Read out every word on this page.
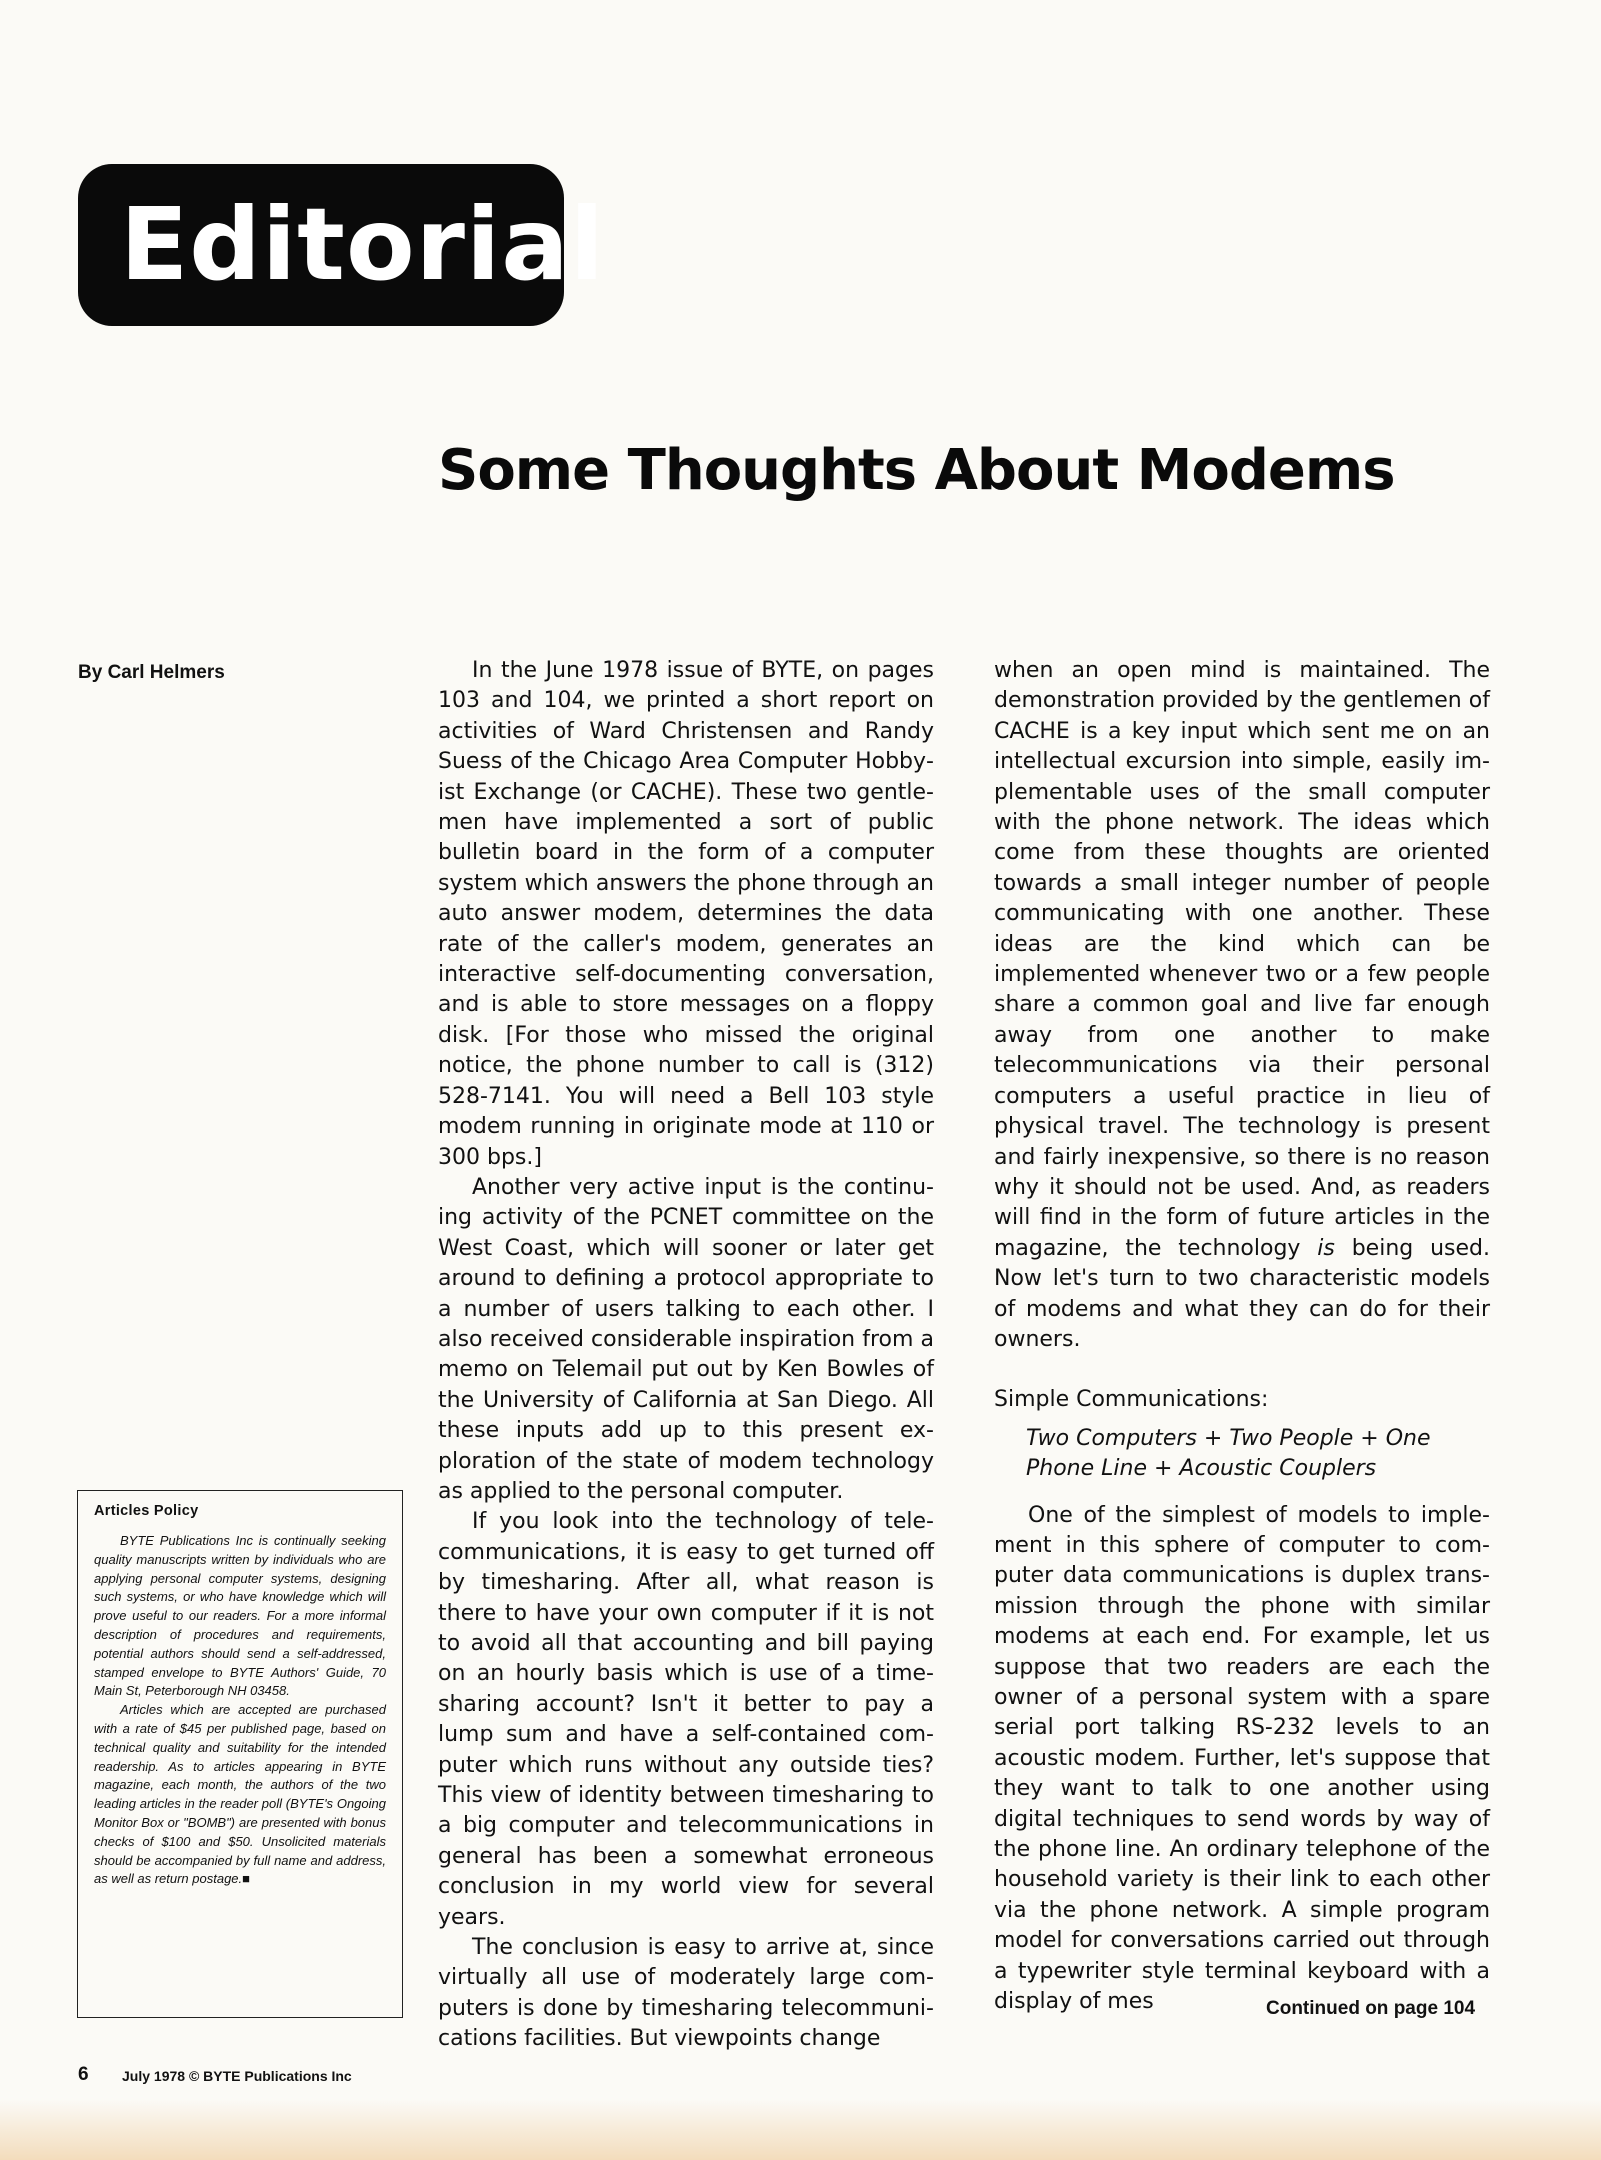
Editorial
Some Thoughts About Modems
By Carl Helmers
Articles Policy

BYTE Publications Inc is continually seeking quality manuscripts written by individuals who are applying personal computer systems, designing such systems, or who have knowledge which will prove useful to our readers. For a more informal description of procedures and requirements, potential authors should send a self-addressed, stamped envelope to BYTE Authors' Guide, 70 Main St, Peterborough NH 03458.

Articles which are accepted are purchased with a rate of $45 per published page, based on technical quality and suitability for the intended readership. As to articles appearing in BYTE magazine, each month, the authors of the two leading articles in the reader poll (BYTE's Ongoing Monitor Box or "BOMB") are presented with bonus checks of $100 and $50. Unsolicited materials should be accompanied by full name and address, as well as return postage.■

In the June 1978 issue of BYTE, on pages 103 and 104, we printed a short report on activities of Ward Christensen and Randy Suess of the Chicago Area Computer Hobbyist Exchange (or CACHE). These two gentlemen have implemented a sort of public bulletin board in the form of a computer system which answers the phone through an auto answer modem, determines the data rate of the caller's modem, generates an interactive self-documenting conversation, and is able to store messages on a floppy disk. [For those who missed the original notice, the phone number to call is (312) 528-7141. You will need a Bell 103 style modem running in originate mode at 110 or 300 bps.]

Another very active input is the continuing activity of the PCNET committee on the West Coast, which will sooner or later get around to defining a protocol appropriate to a number of users talking to each other. I also received considerable inspiration from a memo on Telemail put out by Ken Bowles of the University of California at San Diego. All these inputs add up to this present exploration of the state of modem technology as applied to the personal computer.

If you look into the technology of telecommunications, it is easy to get turned off by timesharing. After all, what reason is there to have your own computer if it is not to avoid all that accounting and bill paying on an hourly basis which is use of a timesharing account? Isn't it better to pay a lump sum and have a self-contained computer which runs without any outside ties? This view of identity between timesharing to a big computer and telecommunications in general has been a somewhat erroneous conclusion in my world view for several years.

The conclusion is easy to arrive at, since virtually all use of moderately large computers is done by timesharing telecommunications facilities. But viewpoints change

when an open mind is maintained. The demonstration provided by the gentlemen of CACHE is a key input which sent me on an intellectual excursion into simple, easily implementable uses of the small computer with the phone network. The ideas which come from these thoughts are oriented towards a small integer number of people communicating with one another. These ideas are the kind which can be implemented whenever two or a few people share a common goal and live far enough away from one another to make telecommunications via their personal computers a useful practice in lieu of physical travel. The technology is present and fairly inexpensive, so there is no reason why it should not be used. And, as readers will find in the form of future articles in the magazine, the technology is being used. Now let's turn to two characteristic models of modems and what they can do for their owners.

Simple Communications:

Two Computers + Two People + One
Phone Line + Acoustic Couplers

One of the simplest of models to implement in this sphere of computer to computer data communications is duplex transmission through the phone with similar modems at each end. For example, let us suppose that two readers are each the owner of a personal system with a spare serial port talking RS-232 levels to an acoustic modem. Further, let's suppose that they want to talk to one another using digital techniques to send words by way of the phone line. An ordinary telephone of the household variety is their link to each other via the phone network. A simple program model for conversations carried out through a typewriter style terminal keyboard with a display of mes	Continued on page 104
6 July 1978 © BYTE Publications Inc
